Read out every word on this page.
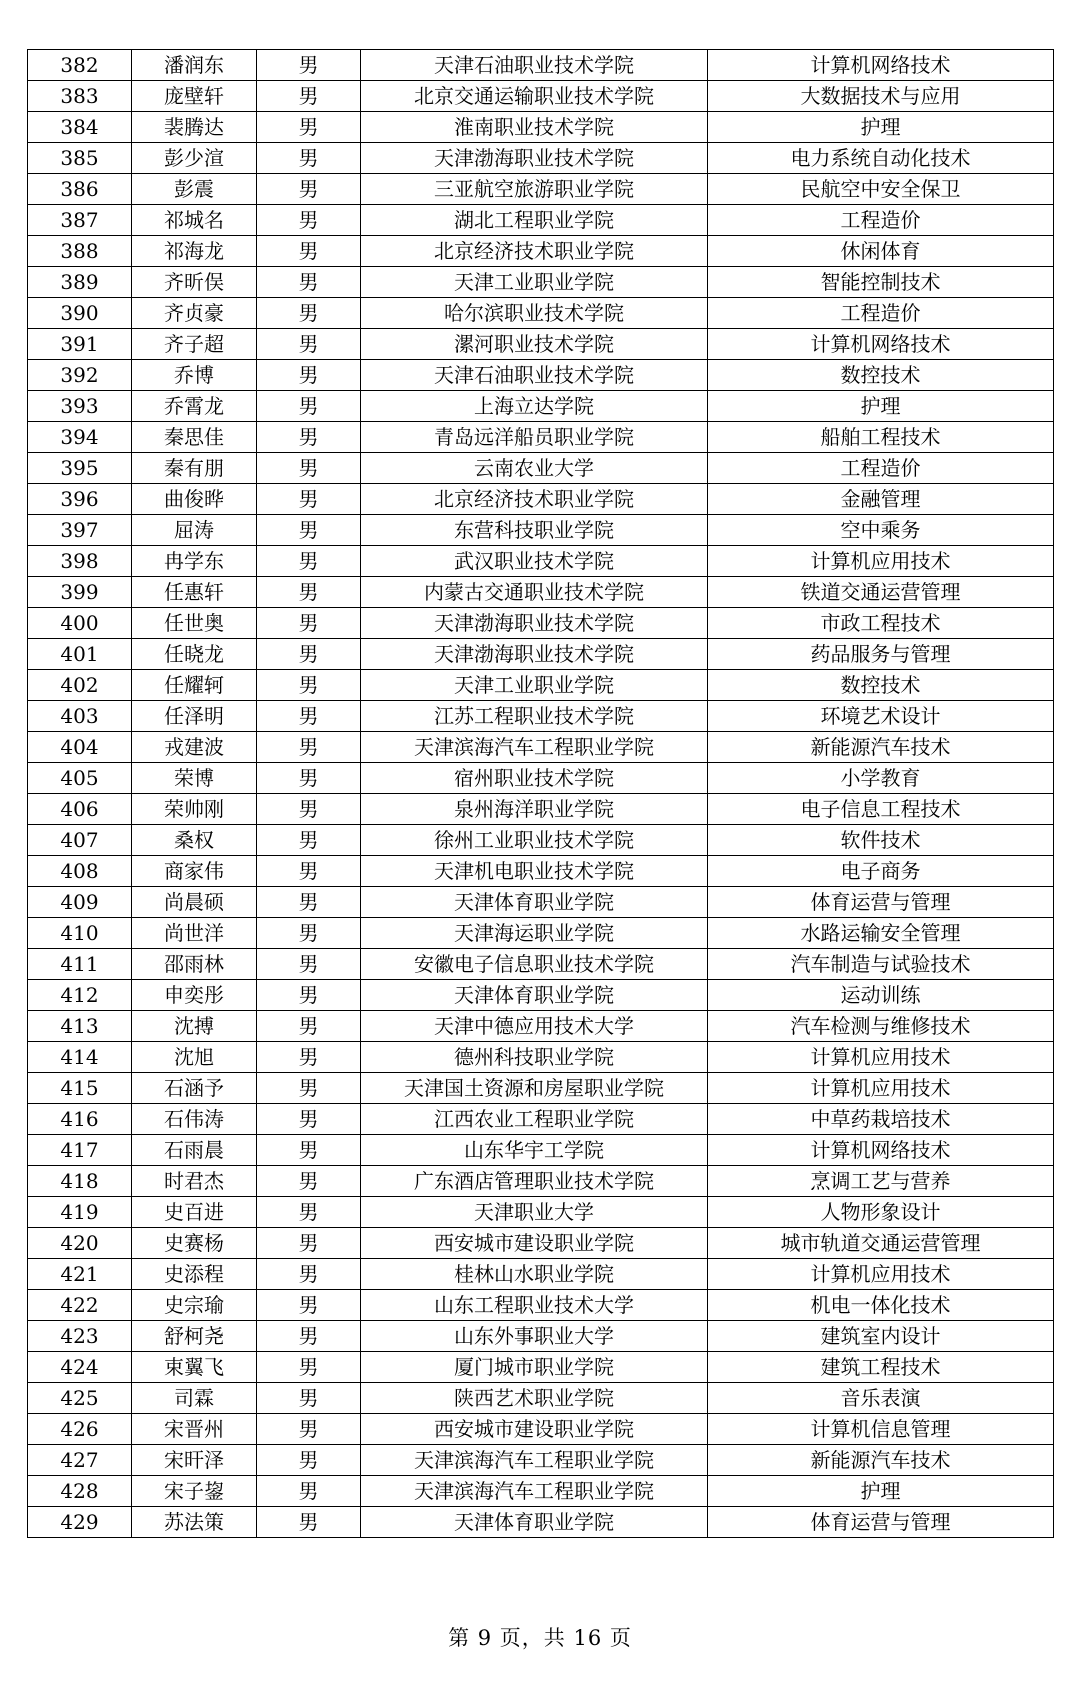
382	潘润东	男	天津石油职业技术学院	计算机网络技术
383	庞壁轩	男	北京交通运输职业技术学院	大数据技术与应用
384	裴腾达	男	淮南职业技术学院	护理
385	彭少渲	男	天津渤海职业技术学院	电力系统自动化技术
386	彭震	男	三亚航空旅游职业学院	民航空中安全保卫
387	祁城名	男	湖北工程职业学院	工程造价
388	祁海龙	男	北京经济技术职业学院	休闲体育
389	齐昕俣	男	天津工业职业学院	智能控制技术
390	齐贞豪	男	哈尔滨职业技术学院	工程造价
391	齐子超	男	漯河职业技术学院	计算机网络技术
392	乔博	男	天津石油职业技术学院	数控技术
393	乔霄龙	男	上海立达学院	护理
394	秦思佳	男	青岛远洋船员职业学院	船舶工程技术
395	秦有朋	男	云南农业大学	工程造价
396	曲俊晔	男	北京经济技术职业学院	金融管理
397	屈涛	男	东营科技职业学院	空中乘务
398	冉学东	男	武汉职业技术学院	计算机应用技术
399	任惠轩	男	内蒙古交通职业技术学院	铁道交通运营管理
400	任世奥	男	天津渤海职业技术学院	市政工程技术
401	任晓龙	男	天津渤海职业技术学院	药品服务与管理
402	任耀轲	男	天津工业职业学院	数控技术
403	任泽明	男	江苏工程职业技术学院	环境艺术设计
404	戎建波	男	天津滨海汽车工程职业学院	新能源汽车技术
405	荣博	男	宿州职业技术学院	小学教育
406	荣帅刚	男	泉州海洋职业学院	电子信息工程技术
407	桑权	男	徐州工业职业技术学院	软件技术
408	商家伟	男	天津机电职业技术学院	电子商务
409	尚晨硕	男	天津体育职业学院	体育运营与管理
410	尚世洋	男	天津海运职业学院	水路运输安全管理
411	邵雨林	男	安徽电子信息职业技术学院	汽车制造与试验技术
412	申奕彤	男	天津体育职业学院	运动训练
413	沈搏	男	天津中德应用技术大学	汽车检测与维修技术
414	沈旭	男	德州科技职业学院	计算机应用技术
415	石涵予	男	天津国土资源和房屋职业学院	计算机应用技术
416	石伟涛	男	江西农业工程职业学院	中草药栽培技术
417	石雨晨	男	山东华宇工学院	计算机网络技术
418	时君杰	男	广东酒店管理职业技术学院	烹调工艺与营养
419	史百进	男	天津职业大学	人物形象设计
420	史赛杨	男	西安城市建设职业学院	城市轨道交通运营管理
421	史添程	男	桂林山水职业学院	计算机应用技术
422	史宗瑜	男	山东工程职业技术大学	机电一体化技术
423	舒柯尧	男	山东外事职业大学	建筑室内设计
424	束翼飞	男	厦门城市职业学院	建筑工程技术
425	司霖	男	陕西艺术职业学院	音乐表演
426	宋晋州	男	西安城市建设职业学院	计算机信息管理
427	宋旰泽	男	天津滨海汽车工程职业学院	新能源汽车技术
428	宋子鋆	男	天津滨海汽车工程职业学院	护理
429	苏法策	男	天津体育职业学院	体育运营与管理
第 9 页，共 16 页
